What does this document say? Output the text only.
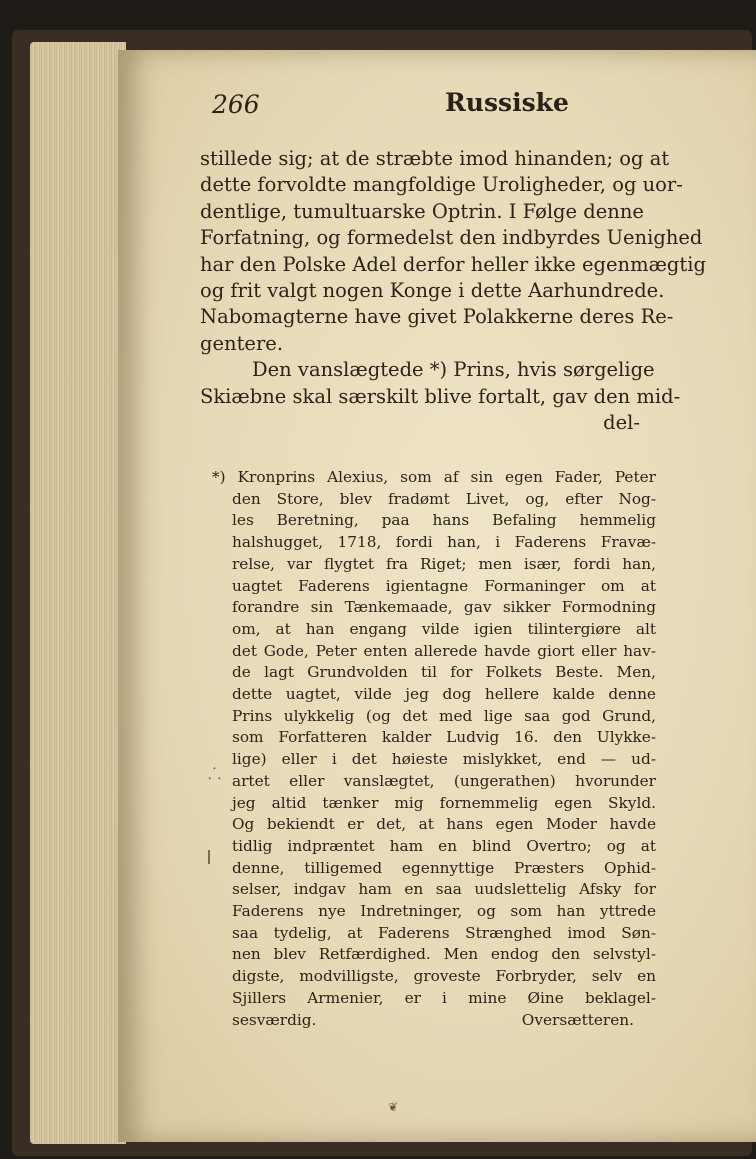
266	Russiske
stillede sig; at de stræbte imod hinanden; og at
dette forvoldte mangfoldige Uroligheder, og uor-
dentlige, tumultuarske Optrin. I Følge denne
Forfatning, og formedelst den indbyrdes Uenighed
har den Polske Adel derfor heller ikke egenmægtig
og frit valgt nogen Konge i dette Aarhundrede.
Nabomagterne have givet Polakkerne deres Re-
gentere.
Den vanslægtede *) Prins, hvis sørgelige
Skiæbne skal særskilt blive fortalt, gav den mid-
del-
*) Kronprins Alexius, som af sin egen Fader, Peter
den Store, blev fradømt Livet, og, efter Nog-
les Beretning, paa hans Befaling hemmelig
halshugget, 1718, fordi han, i Faderens Fravæ-
relse, var flygtet fra Riget; men især, fordi han,
uagtet Faderens igientagne Formaninger om at
forandre sin Tænkemaade, gav sikker Formodning
om, at han engang vilde igien tilintergiøre alt
det Gode, Peter enten allerede havde giort eller hav-
de lagt Grundvolden til for Folkets Beste. Men,
dette uagtet, vilde jeg dog hellere kalde denne
Prins ulykkelig (og det med lige saa god Grund,
som Forfatteren kalder Ludvig 16. den Ulykke-
lige) eller i det høieste mislykket, end — ud-
artet eller vanslægtet, (ungerathen) hvorunder
jeg altid tænker mig fornemmelig egen Skyld.
Og bekiendt er det, at hans egen Moder havde
tidlig indpræntet ham en blind Overtro; og at
denne, tilligemed egennyttige Præsters Ophid-
selser, indgav ham en saa uudslettelig Afsky for
Faderens nye Indretninger, og som han yttrede
saa tydelig, at Faderens Strænghed imod Søn-
nen blev Retfærdighed. Men endog den selvstyl-
digste, modvilligste, groveste Forbryder, selv en
Sjillers Armenier, er i mine Øine beklagel-
sesværdig.	Oversætteren.
⸫
❦
